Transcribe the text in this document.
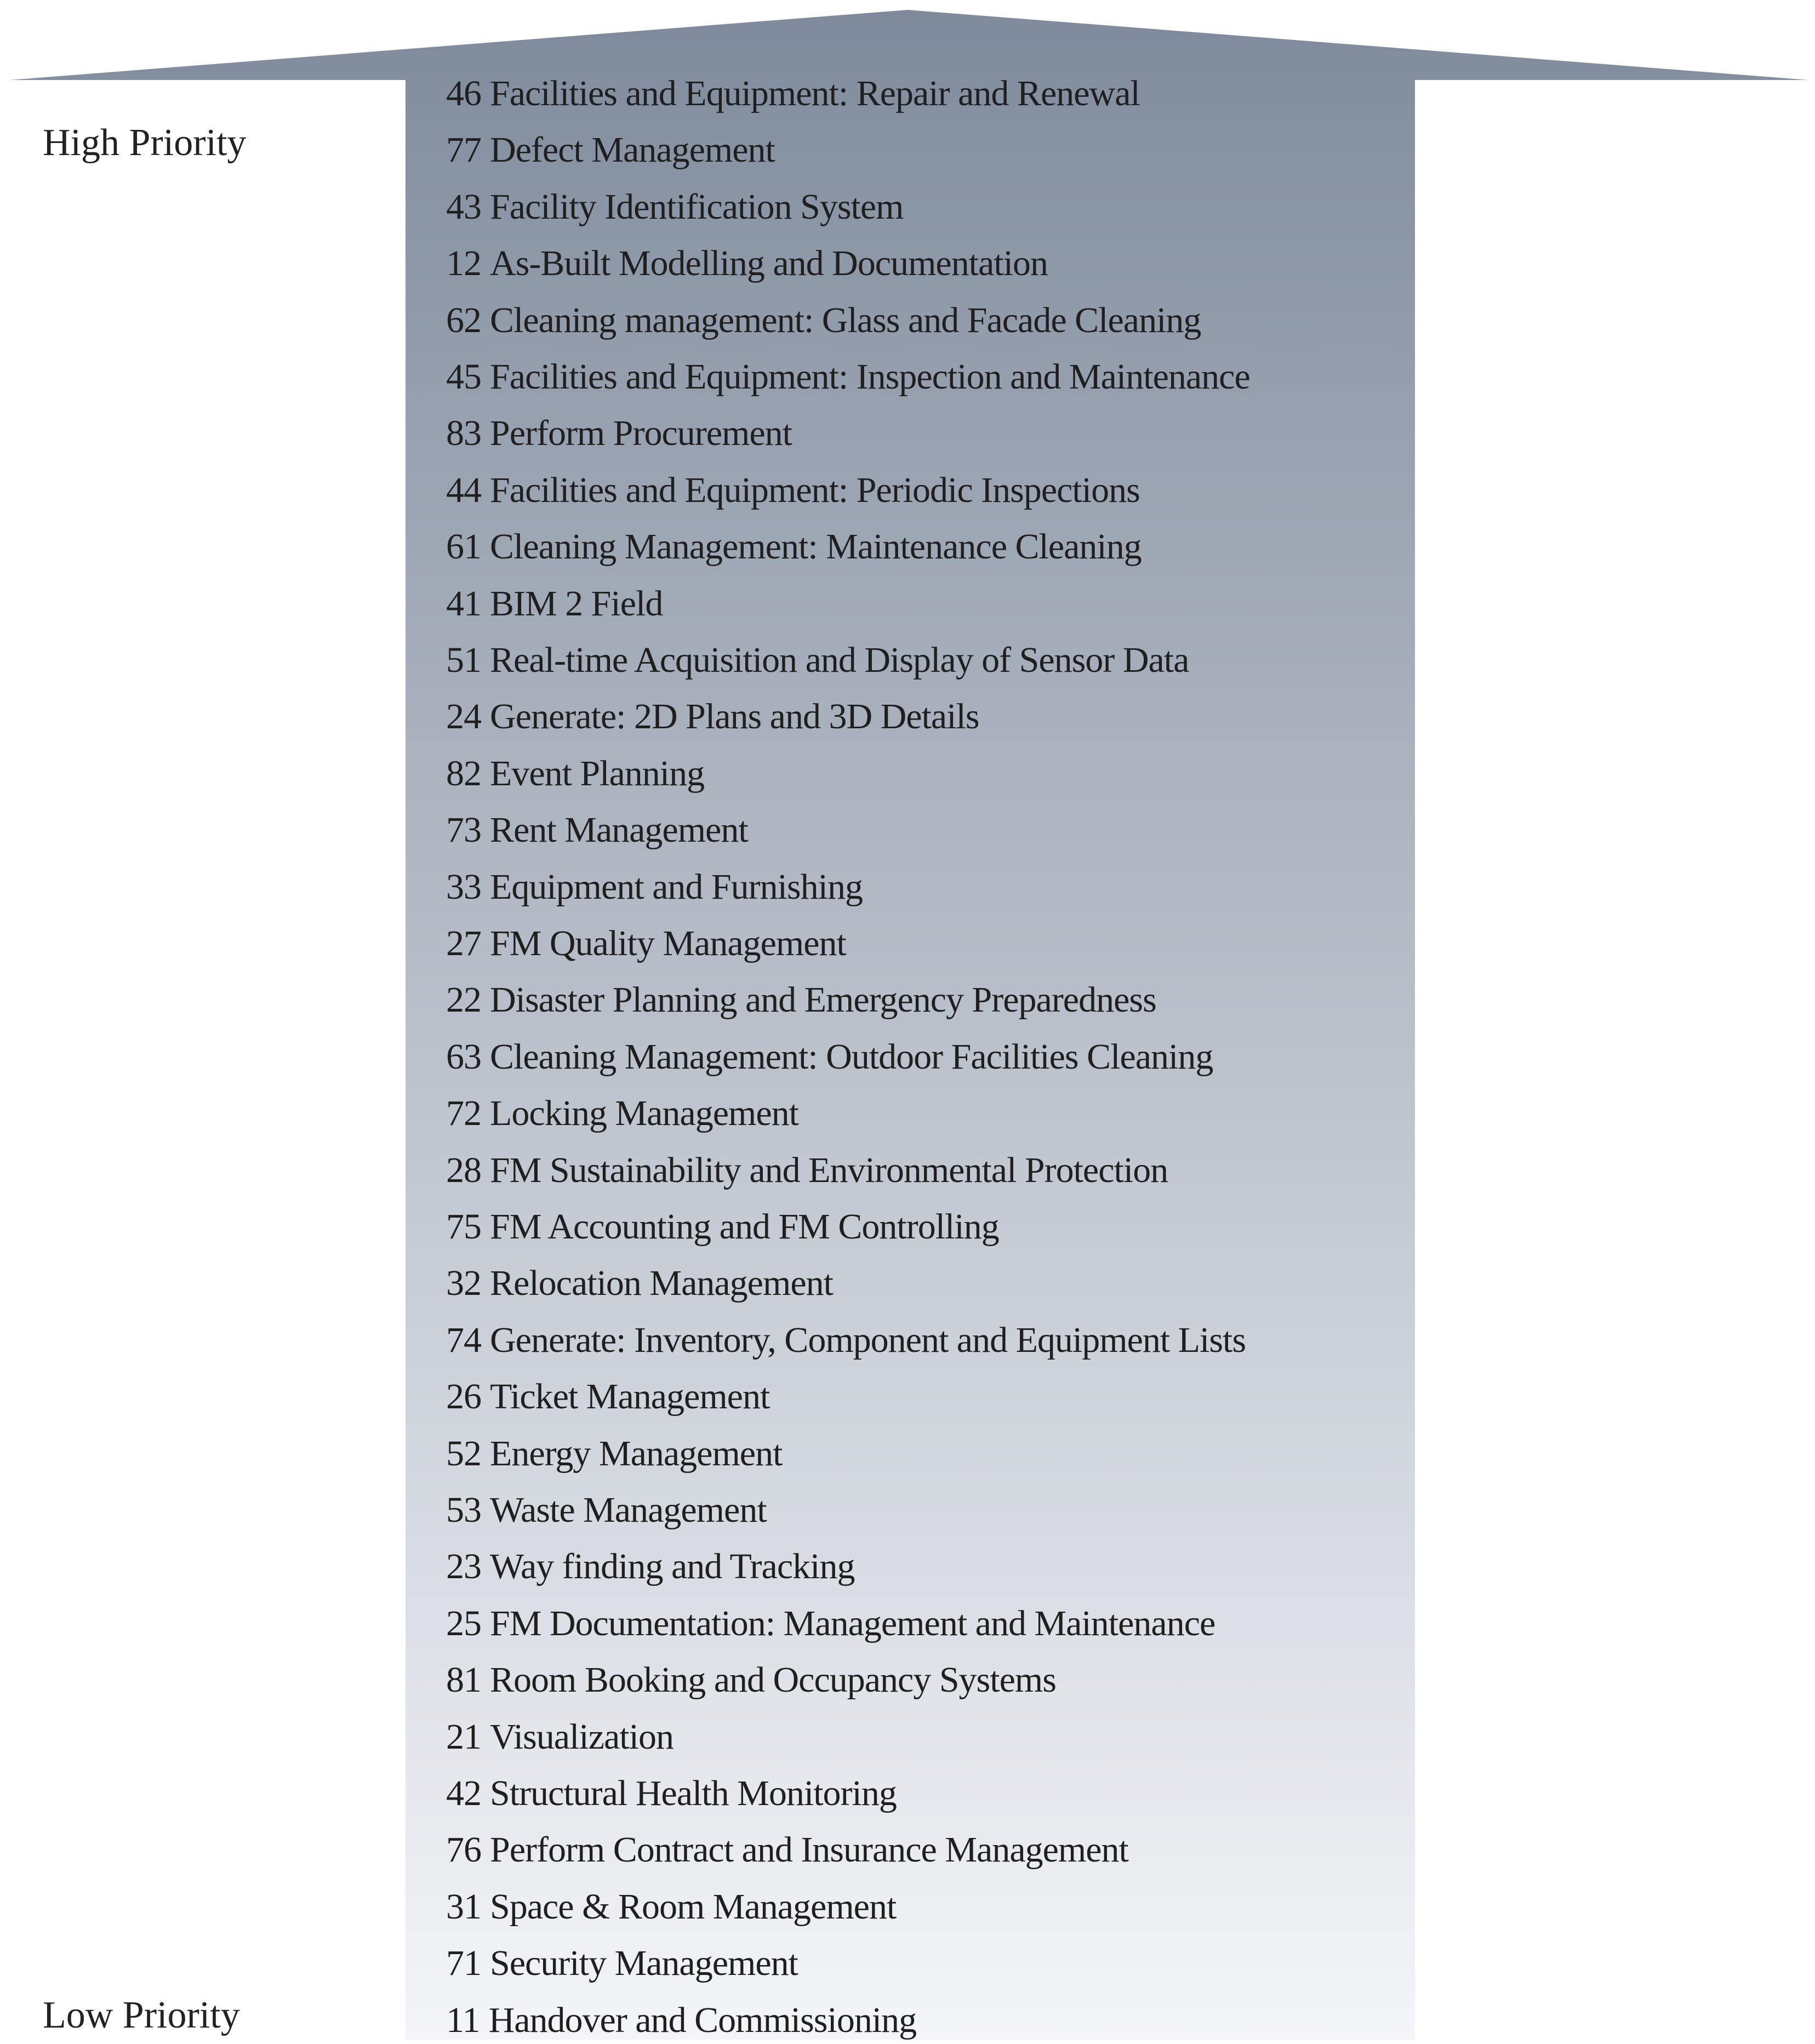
High Priority
Low Priority
46 Facilities and Equipment: Repair and Renewal
77 Defect Management
43 Facility Identification System
12 As-Built Modelling and Documentation
62 Cleaning management: Glass and Facade Cleaning
45 Facilities and Equipment: Inspection and Maintenance
83 Perform Procurement
44 Facilities and Equipment: Periodic Inspections
61 Cleaning Management: Maintenance Cleaning
41 BIM 2 Field
51 Real-time Acquisition and Display of Sensor Data
24 Generate: 2D Plans and 3D Details
82 Event Planning
73 Rent Management
33 Equipment and Furnishing
27 FM Quality Management
22 Disaster Planning and Emergency Preparedness
63 Cleaning Management: Outdoor Facilities Cleaning
72 Locking Management
28 FM Sustainability and Environmental Protection
75 FM Accounting and FM Controlling
32 Relocation Management
74 Generate: Inventory, Component and Equipment Lists
26 Ticket Management
52 Energy Management
53 Waste Management
23 Way finding and Tracking
25 FM Documentation: Management and Maintenance
81 Room Booking and Occupancy Systems
21 Visualization
42 Structural Health Monitoring
76 Perform Contract and Insurance Management
31 Space & Room Management
71 Security Management
11 Handover and Commissioning
